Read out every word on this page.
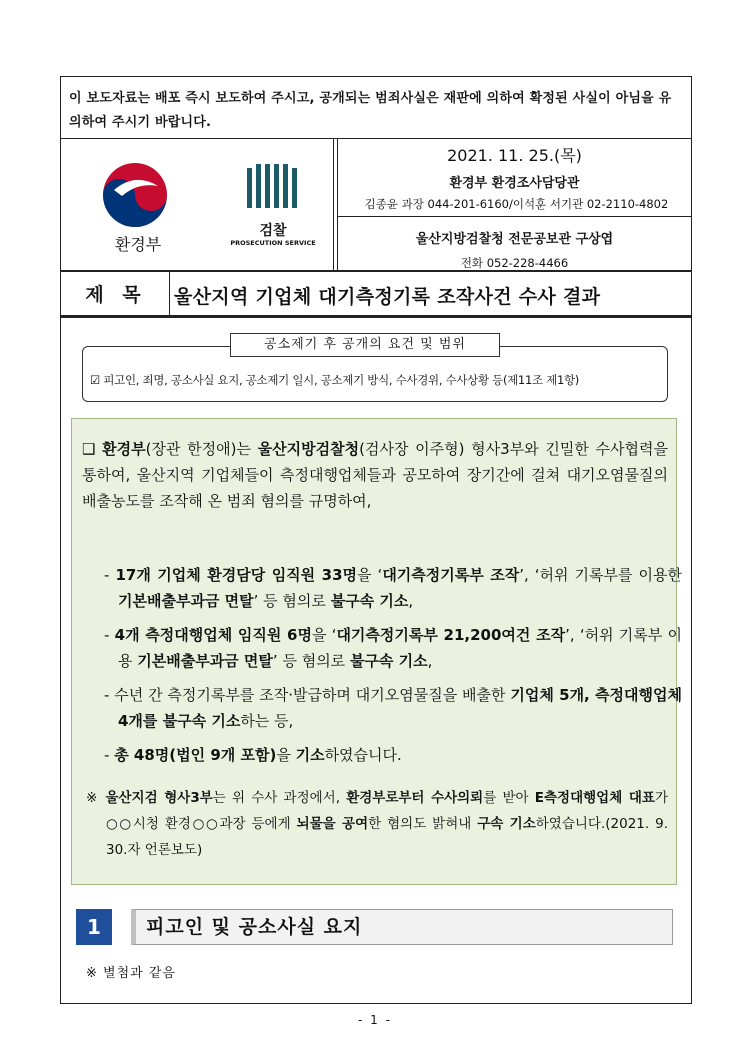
이 보도자료는 배포 즉시 보도하여 주시고, 공개되는 범죄사실은 재판에 의하여 확정된 사실이 아님을 유의하여 주시기 바랍니다.
환경부
검찰
PROSECUTION SERVICE
2021. 11. 25.(목)
환경부 환경조사담당관
김종윤 과장 044-201-6160/이석훈 서기관 02-2110-4802
울산지방검찰청 전문공보관 구상엽
전화 052-228-4466
제 목	울산지역 기업체 대기측정기록 조작사건 수사 결과
공소제기 후 공개의 요건 및 범위
☑ 피고인, 죄명, 공소사실 요지, 공소제기 일시, 공소제기 방식, 수사경위, 수사상황 등(제11조 제1항)
❑ 환경부(장관 한정애)는 울산지방검찰청(검사장 이주형) 형사3부와 긴밀한 수사협력을 통하여, 울산지역 기업체들이 측정대행업체들과 공모하여 장기간에 걸쳐 대기오염물질의 배출농도를 조작해 온 범죄 혐의를 규명하여,
- 17개 기업체 환경담당 임직원 33명을 ‘대기측정기록부 조작’, ‘허위 기록부를 이용한 기본배출부과금 면탈’ 등 혐의로 불구속 기소,
- 4개 측정대행업체 임직원 6명을 ‘대기측정기록부 21,200여건 조작’, ‘허위 기록부 이용 기본배출부과금 면탈’ 등 혐의로 불구속 기소,
- 수년 간 측정기록부를 조작·발급하며 대기오염물질을 배출한 기업체 5개, 측정대행업체 4개를 불구속 기소하는 등,
- 총 48명(법인 9개 포함)을 기소하였습니다.
※ 울산지검 형사3부는 위 수사 과정에서, 환경부로부터 수사의뢰를 받아 E측정대행업체 대표가 ○○시청 환경○○과장 등에게 뇌물을 공여한 혐의도 밝혀내 구속 기소하였습니다.(2021. 9. 30.자 언론보도)
1	피고인 및 공소사실 요지
※ 별첨과 같음
- 1 -
